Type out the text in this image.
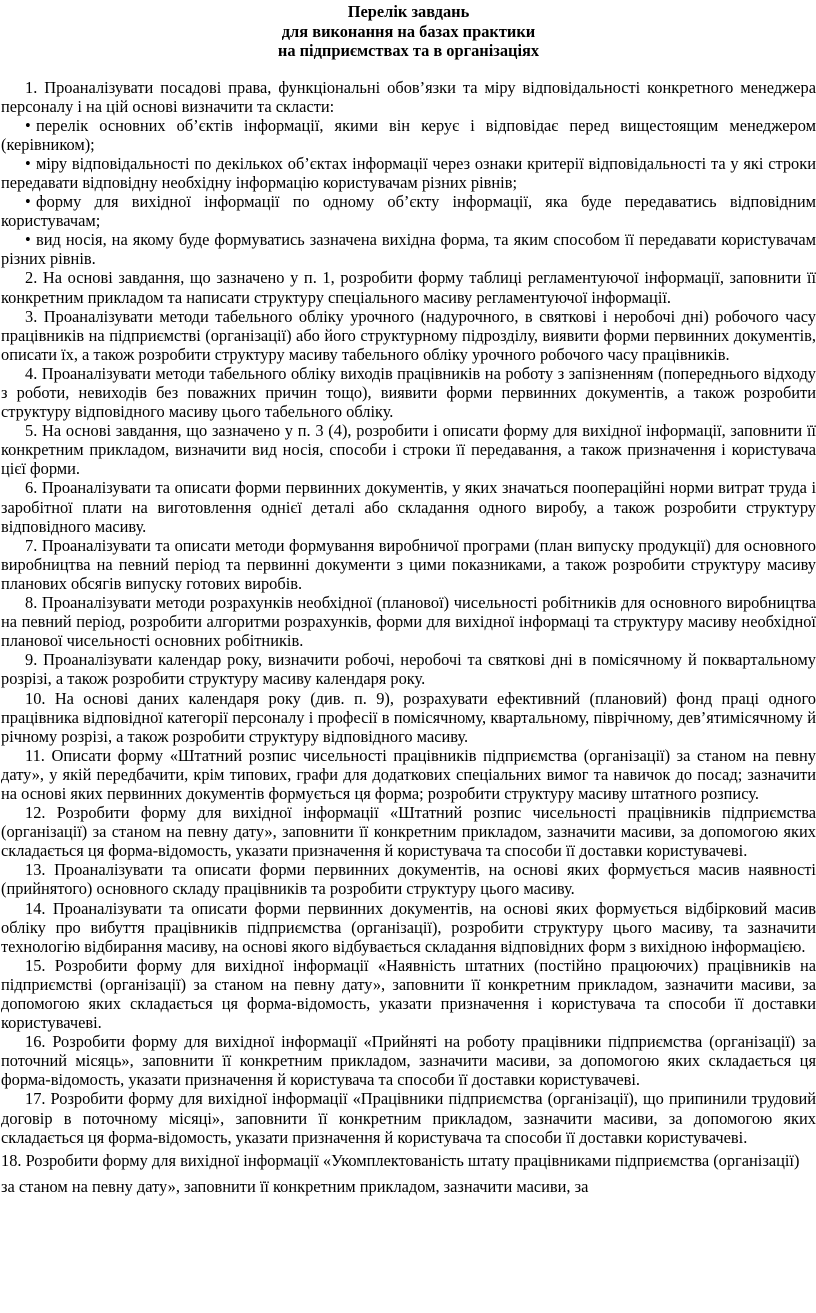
Перелік завдань
для виконання на базах практики
на підприємствах та в організаціях

1. Проаналізувати посадові права, функціональні обов’язки та міру відповідальності конкретного менеджера персоналу і на цій основі визначити та скласти:

• перелік основних об’єктів інформації, якими він керує і відповідає перед вищестоящим менеджером (керівником);

• міру відповідальності по декількох об’єктах інформації через ознаки критерії відповідальності та у які строки передавати відповідну необхідну інформацію користувачам різних рівнів;

• форму для вихідної інформації по одному об’єкту інформації, яка буде передаватись відповідним користувачам;

• вид носія, на якому буде формуватись зазначена вихідна форма, та яким способом її передавати користувачам різних рівнів.

2. На основі завдання, що зазначено у п. 1, розробити форму таблиці регламентуючої інформації, заповнити її конкретним прикладом та написати структуру спеціального масиву регламентуючої інформації.

3. Проаналізувати методи табельного обліку урочного (надурочного, в святкові і неробочі дні) робочого часу працівників на підприємстві (організації) або його структурному підрозділу, виявити форми первинних документів, описати їх, а також розробити структуру масиву табельного обліку урочного робочого часу працівників.

4. Проаналізувати методи табельного обліку виходів працівників на роботу з запізненням (попереднього відходу з роботи, невиходів без поважних причин тощо), виявити форми первинних документів, а також розробити структуру відповідного масиву цього табельного обліку.

5. На основі завдання, що зазначено у п. 3 (4), розробити і описати форму для вихідної інформації, заповнити її конкретним прикладом, визначити вид носія, способи і строки її передавання, а також призначення і користувача цієї форми.

6. Проаналізувати та описати форми первинних документів, у яких значаться поопераційні норми витрат труда і заробітної плати на виготовлення однієї деталі або складання одного виробу, а також розробити структуру відповідного масиву.

7. Проаналізувати та описати методи формування виробничої програми (план випуску продукції) для основного виробництва на певний період та первинні документи з цими показниками, а також розробити структуру масиву планових обсягів випуску готових виробів.

8. Проаналізувати методи розрахунків необхідної (планової) чисельності робітників для основного виробництва на певний період, розробити алгоритми розрахунків, форми для вихідної інформаці та структуру масиву необхідної планової чисельності основних робітників.

9. Проаналізувати календар року, визначити робочі, неробочі та святкові дні в помісячному й поквартальному розрізі, а також розробити структуру масиву календаря року.

10. На основі даних календаря року (див. п. 9), розрахувати ефективний (плановий) фонд праці одного працівника відповідної категорії персоналу і професії в помісячному, квартальному, піврічному, дев’ятимісячному й річному розрізі, а також розробити структуру відповідного масиву.

11. Описати форму «Штатний розпис чисельності працівників підприємства (організації) за станом на певну дату», у якій передбачити, крім типових, графи для додаткових спеціальних вимог та навичок до посад; зазначити на основі яких первинних документів формується ця форма; розробити структуру масиву штатного розпису.

12. Розробити форму для вихідної інформації «Штатний розпис чисельності працівників підприємства (організації) за станом на певну дату», заповнити її конкретним прикладом, зазначити масиви, за допомогою яких складається ця форма-відомость, указати призначення й користувача та способи її доставки користувачеві.

13. Проаналізувати та описати форми первинних документів, на основі яких формується масив наявності (прийнятого) основного складу працівників та розробити структуру цього масиву.

14. Проаналізувати та описати форми первинних документів, на основі яких формується відбірковий масив обліку про вибуття працівників підприємства (організації), розробити структуру цього масиву, та зазначити технологію відбирання масиву, на основі якого відбувається складання відповідних форм з вихідною інформацією.

15. Розробити форму для вихідної інформації «Наявність штатних (постійно працюючих) працівників на підприємстві (організації) за станом на певну дату», заповнити її конкретним прикладом, зазначити масиви, за допомогою яких складається ця форма-відомость, указати призначення і користувача та способи її доставки користувачеві.

16. Розробити форму для вихідної інформації «Прийняті на роботу працівники підприємства (організації) за поточний місяць», заповнити її конкретним прикладом, зазначити масиви, за допомогою яких складається ця форма-відомость, указати призначення й користувача та способи її доставки користувачеві.

17. Розробити форму для вихідної інформації «Працівники підприємства (організації), що припинили трудовий договір в поточному місяці», заповнити її конкретним прикладом, зазначити масиви, за допомогою яких складається ця форма-відомость, указати призначення й користувача та способи її доставки користувачеві.

18. Розробити форму для вихідної інформації «Укомплектованість штату працівниками підприємства (організації) за станом на певну дату», заповнити її конкретним прикладом, зазначити масиви, за
